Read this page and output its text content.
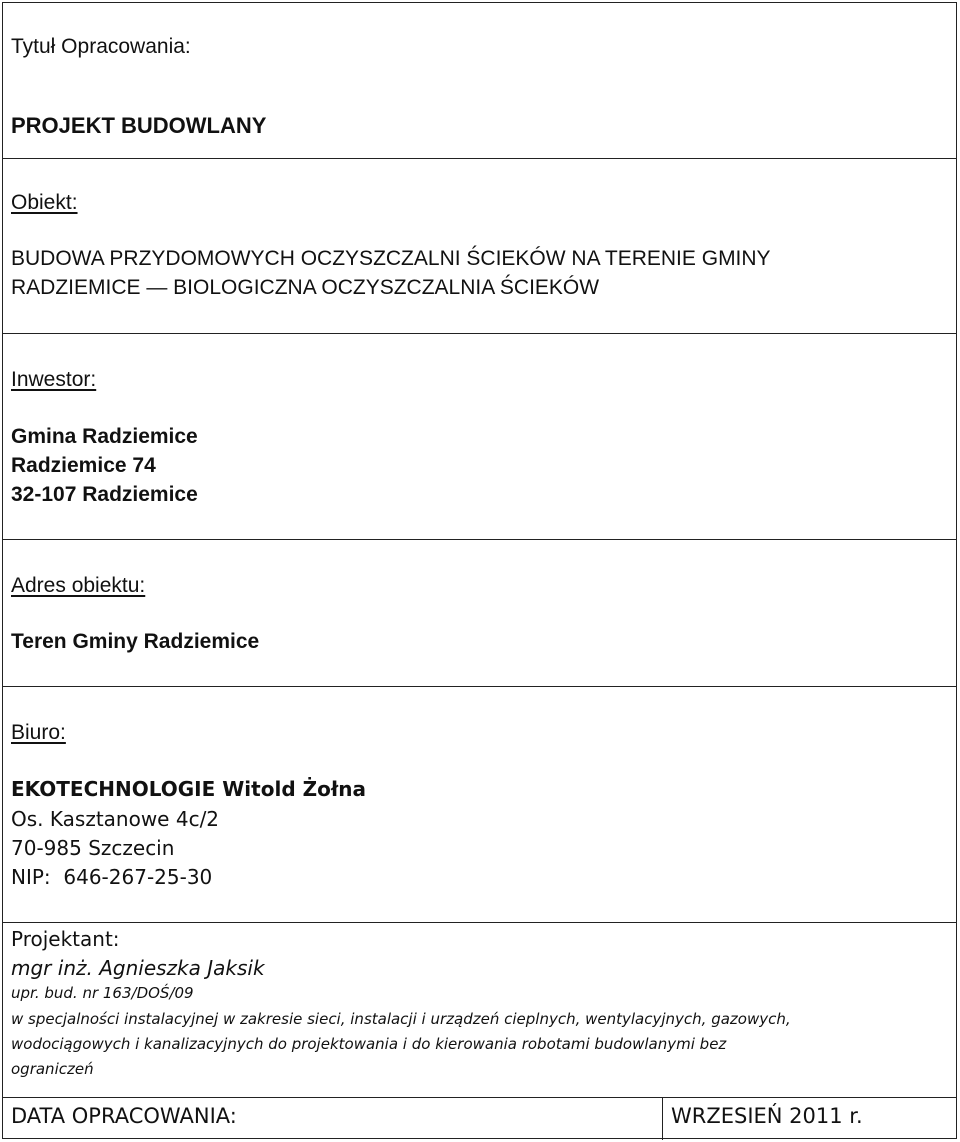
Tytuł Opracowania:
PROJEKT BUDOWLANY
Obiekt:
BUDOWA PRZYDOMOWYCH OCZYSZCZALNI ŚCIEKÓW NA TERENIE GMINY
RADZIEMICE — BIOLOGICZNA OCZYSZCZALNIA ŚCIEKÓW
Inwestor:
Gmina Radziemice
Radziemice 74
32-107 Radziemice
Adres obiektu:
Teren Gminy Radziemice
Biuro:
EKOTECHNOLOGIE Witold Żołna
Os. Kasztanowe 4c/2
70-985 Szczecin
NIP:  646-267-25-30
Projektant:
mgr inż. Agnieszka Jaksik
upr. bud. nr 163/DOŚ/09
w specjalności instalacyjnej w zakresie sieci, instalacji i urządzeń cieplnych, wentylacyjnych, gazowych,
wodociągowych i kanalizacyjnych do projektowania i do kierowania robotami budowlanymi bez
ograniczeń
DATA OPRACOWANIA:	WRZESIEŃ 2011 r.
